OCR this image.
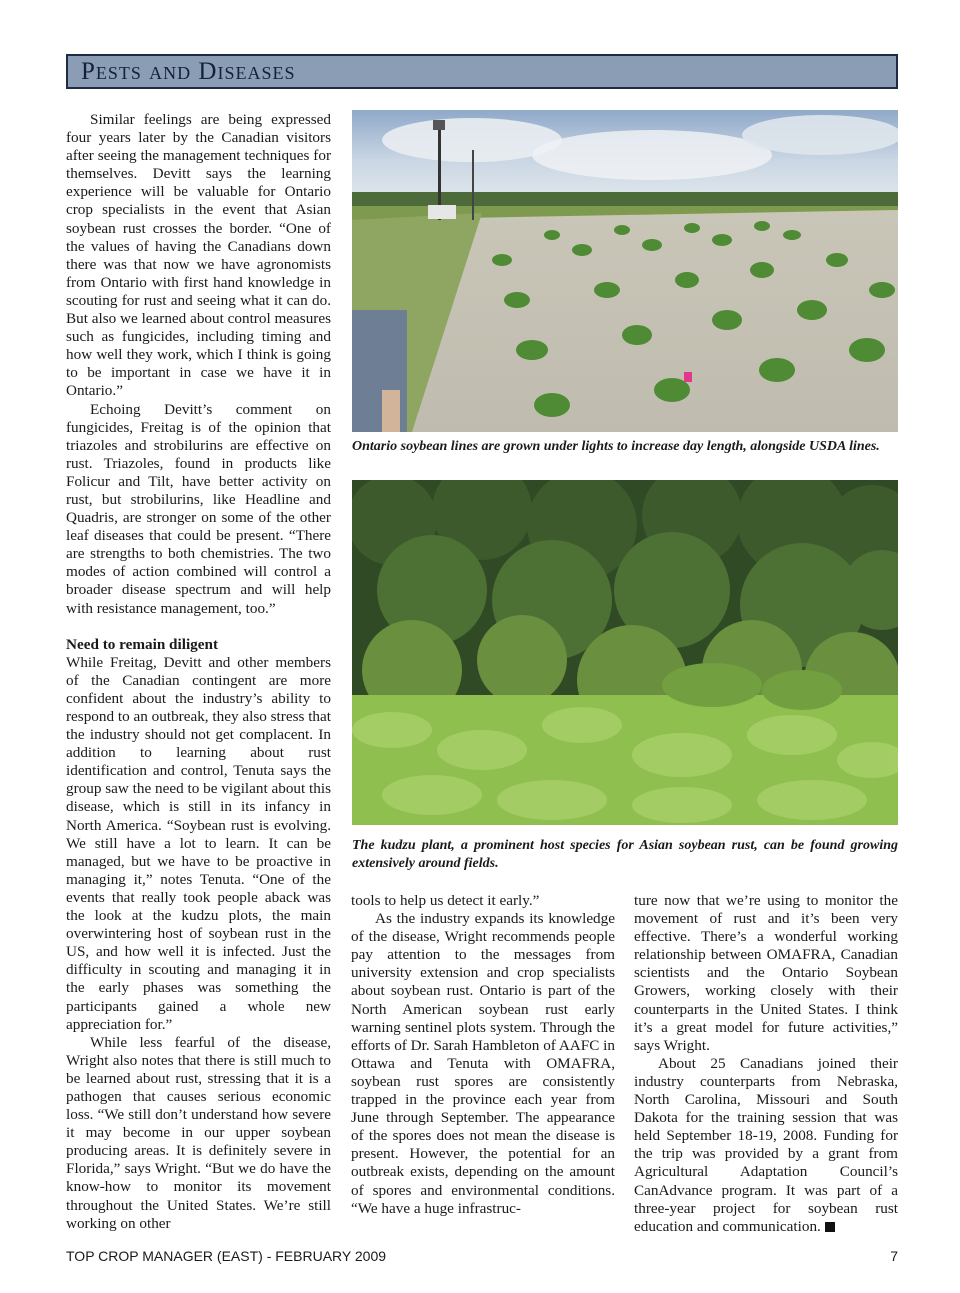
Pests and Diseases

Similar feelings are being expressed four years later by the Canadian visitors after seeing the management techniques for themselves. Devitt says the learning experience will be valuable for Ontario crop specialists in the event that Asian soybean rust crosses the border. “One of the values of having the Canadians down there was that now we have agronomists from Ontario with first hand knowledge in scouting for rust and seeing what it can do. But also we learned about control measures such as fungicides, including timing and how well they work, which I think is going to be important in case we have it in Ontario.”

Echoing Devitt’s comment on fungicides, Freitag is of the opinion that triazoles and strobilurins are effective on rust. Triazoles, found in products like Folicur and Tilt, have better activity on rust, but strobilurins, like Headline and Quadris, are stronger on some of the other leaf diseases that could be present. “There are strengths to both chemistries. The two modes of action combined will control a broader disease spectrum and will help with resistance management, too.”

Need to remain diligent

While Freitag, Devitt and other members of the Canadian contingent are more confident about the industry’s ability to respond to an outbreak, they also stress that the industry should not get complacent. In addition to learning about rust identification and control, Tenuta says the group saw the need to be vigilant about this disease, which is still in its infancy in North America. “Soybean rust is evolving. We still have a lot to learn. It can be managed, but we have to be proactive in managing it,” notes Tenuta. “One of the events that really took people aback was the look at the kudzu plots, the main overwintering host of soybean rust in the US, and how well it is infected. Just the difficulty in scouting and managing it in the early phases was something the participants gained a whole new appreciation for.”

While less fearful of the disease, Wright also notes that there is still much to be learned about rust, stressing that it is a pathogen that causes serious economic loss. “We still don’t understand how severe it may become in our upper soybean producing areas. It is definitely severe in Florida,” says Wright. “But we do have the know-how to monitor its movement throughout the United States. We’re still working on other

Ontario soybean lines are grown under lights to increase day length, alongside USDA lines.
The kudzu plant, a prominent host species for Asian soybean rust, can be found growing extensively around fields.

tools to help us detect it early.”

As the industry expands its knowledge of the disease, Wright recommends people pay attention to the messages from university extension and crop specialists about soybean rust. Ontario is part of the North American soybean rust early warning sentinel plots system. Through the efforts of Dr. Sarah Hambleton of AAFC in Ottawa and Tenuta with OMAFRA, soybean rust spores are consistently trapped in the province each year from June through September. The appearance of the spores does not mean the disease is present. However, the potential for an outbreak exists, depending on the amount of spores and environmental conditions. “We have a huge infrastruc-

ture now that we’re using to monitor the movement of rust and it’s been very effective. There’s a wonderful working relationship between OMAFRA, Canadian scientists and the Ontario Soybean Growers, working closely with their counterparts in the United States. I think it’s a great model for future activities,” says Wright.

About 25 Canadians joined their industry counterparts from Nebraska, North Carolina, Missouri and South Dakota for the training session that was held September 18-19, 2008. Funding for the trip was provided by a grant from Agricultural Adaptation Council’s CanAdvance program. It was part of a three-year project for soybean rust education and communication.

TOP CROP MANAGER (EAST) - FEBRUARY 2009	7
